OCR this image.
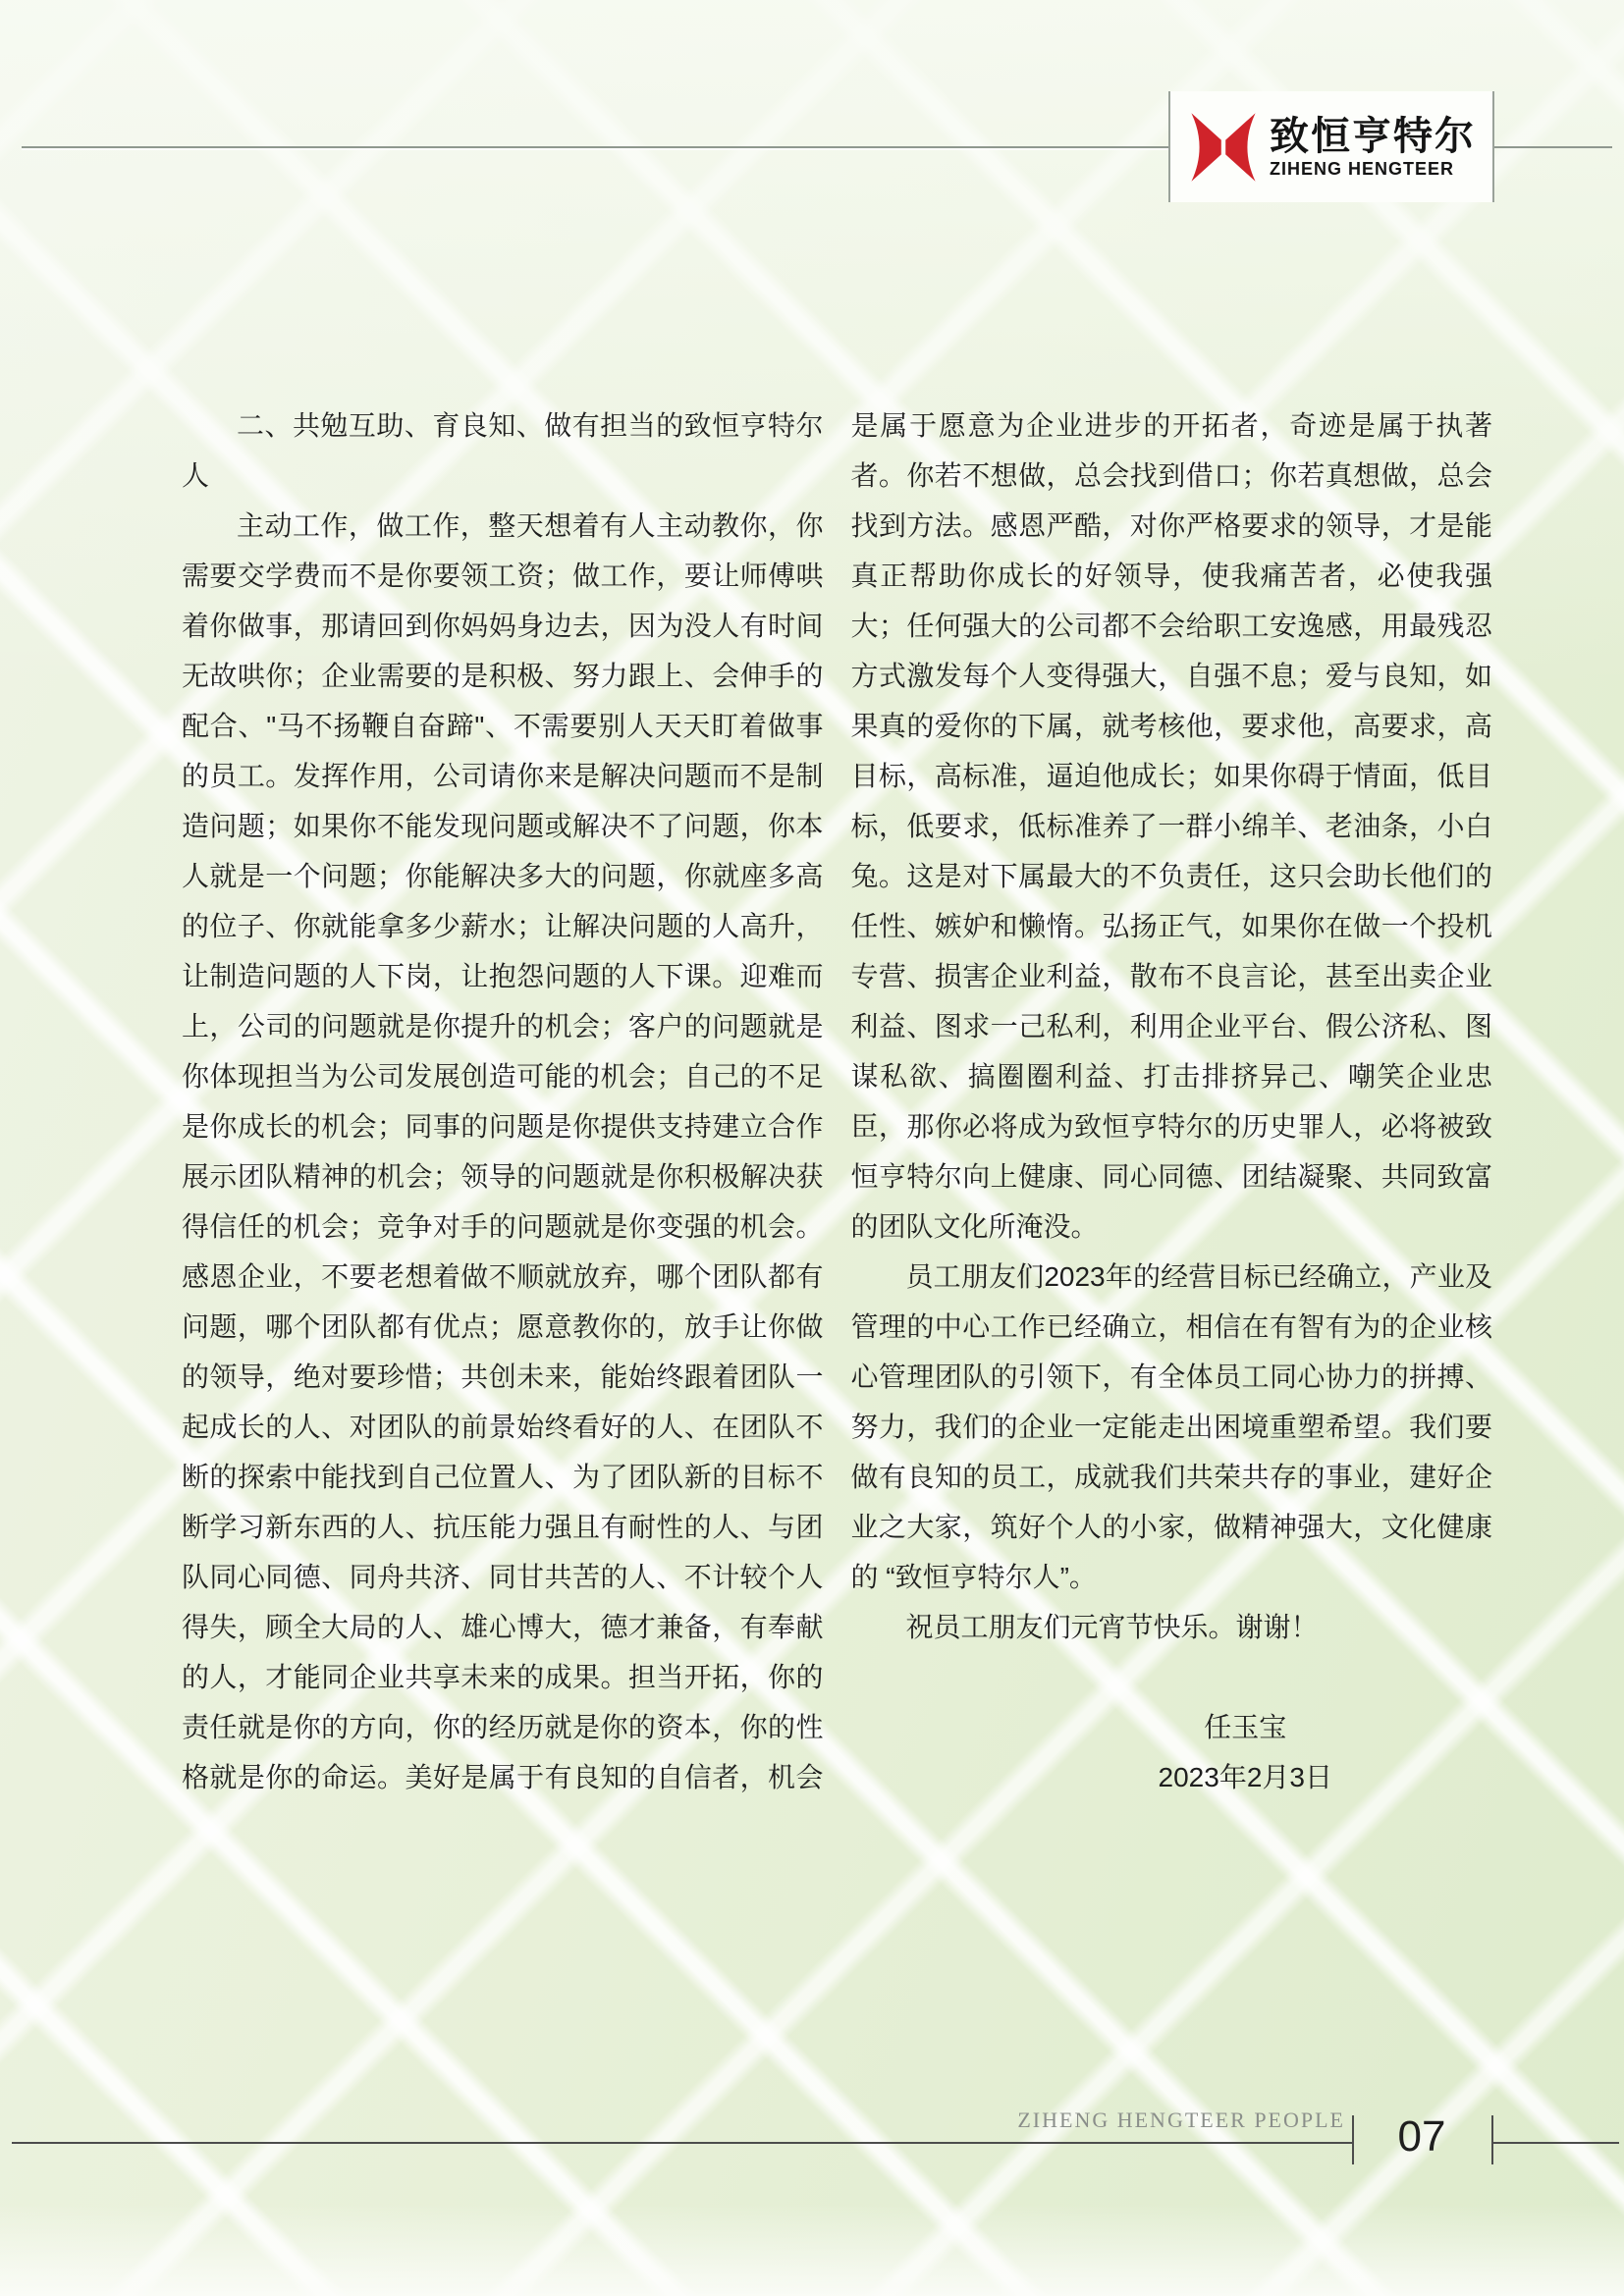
致恒亨特尔
ZIHENG HENGTEER

二、共勉互助、育良知、做有担当的致恒亨特尔人

主动工作，做工作，整天想着有人主动教你，你需要交学费而不是你要领工资；做工作，要让师傅哄着你做事，那请回到你妈妈身边去，因为没人有时间无故哄你；企业需要的是积极、努力跟上、会伸手的配合、"马不扬鞭自奋蹄"、不需要别人天天盯着做事的员工。发挥作用，公司请你来是解决问题而不是制造问题；如果你不能发现问题或解决不了问题，你本人就是一个问题；你能解决多大的问题，你就座多高的位子、你就能拿多少薪水；让解决问题的人高升，让制造问题的人下岗，让抱怨问题的人下课。迎难而上，公司的问题就是你提升的机会；客户的问题就是你体现担当为公司发展创造可能的机会；自己的不足是你成长的机会；同事的问题是你提供支持建立合作展示团队精神的机会；领导的问题就是你积极解决获得信任的机会；竞争对手的问题就是你变强的机会。感恩企业，不要老想着做不顺就放弃，哪个团队都有问题，哪个团队都有优点；愿意教你的，放手让你做的领导，绝对要珍惜；共创未来，能始终跟着团队一起成长的人、对团队的前景始终看好的人、在团队不断的探索中能找到自己位置人、为了团队新的目标不断学习新东西的人、抗压能力强且有耐性的人、与团队同心同德、同舟共济、同甘共苦的人、不计较个人得失，顾全大局的人、雄心博大，德才兼备，有奉献的人，才能同企业共享未来的成果。担当开拓，你的责任就是你的方向，你的经历就是你的资本，你的性格就是你的命运。美好是属于有良知的自信者，机会是属于愿意为企业进步的开拓者，奇迹是属于执著者。你若不想做，总会找到借口；你若真想做，总会找到方法。感恩严酷，对你严格要求的领导，才是能真正帮助你成长的好领导，使我痛苦者，必使我强大；任何强大的公司都不会给职工安逸感，用最残忍方式激发每个人变得强大，自强不息；爱与良知，如果真的爱你的下属，就考核他，要求他，高要求，高目标，高标准，逼迫他成长；如果你碍于情面，低目标，低要求，低标准养了一群小绵羊、老油条，小白兔。这是对下属最大的不负责任，这只会助长他们的任性、嫉妒和懒惰。弘扬正气，如果你在做一个投机专营、损害企业利益，散布不良言论，甚至出卖企业利益、图求一己私利，利用企业平台、假公济私、图谋私欲、搞圈圈利益、打击排挤异己、嘲笑企业忠臣，那你必将成为致恒亨特尔的历史罪人，必将被致恒亨特尔向上健康、同心同德、团结凝聚、共同致富的团队文化所淹没。

员工朋友们2023年的经营目标已经确立，产业及管理的中心工作已经确立，相信在有智有为的企业核心管理团队的引领下，有全体员工同心协力的拼搏、努力，我们的企业一定能走出困境重塑希望。我们要做有良知的员工，成就我们共荣共存的事业，建好企业之大家，筑好个人的小家，做精神强大，文化健康的 “致恒亨特尔人”。

祝员工朋友们元宵节快乐。谢谢！

任玉宝
2023年2月3日
ZIHENG HENGTEER PEOPLE	07
